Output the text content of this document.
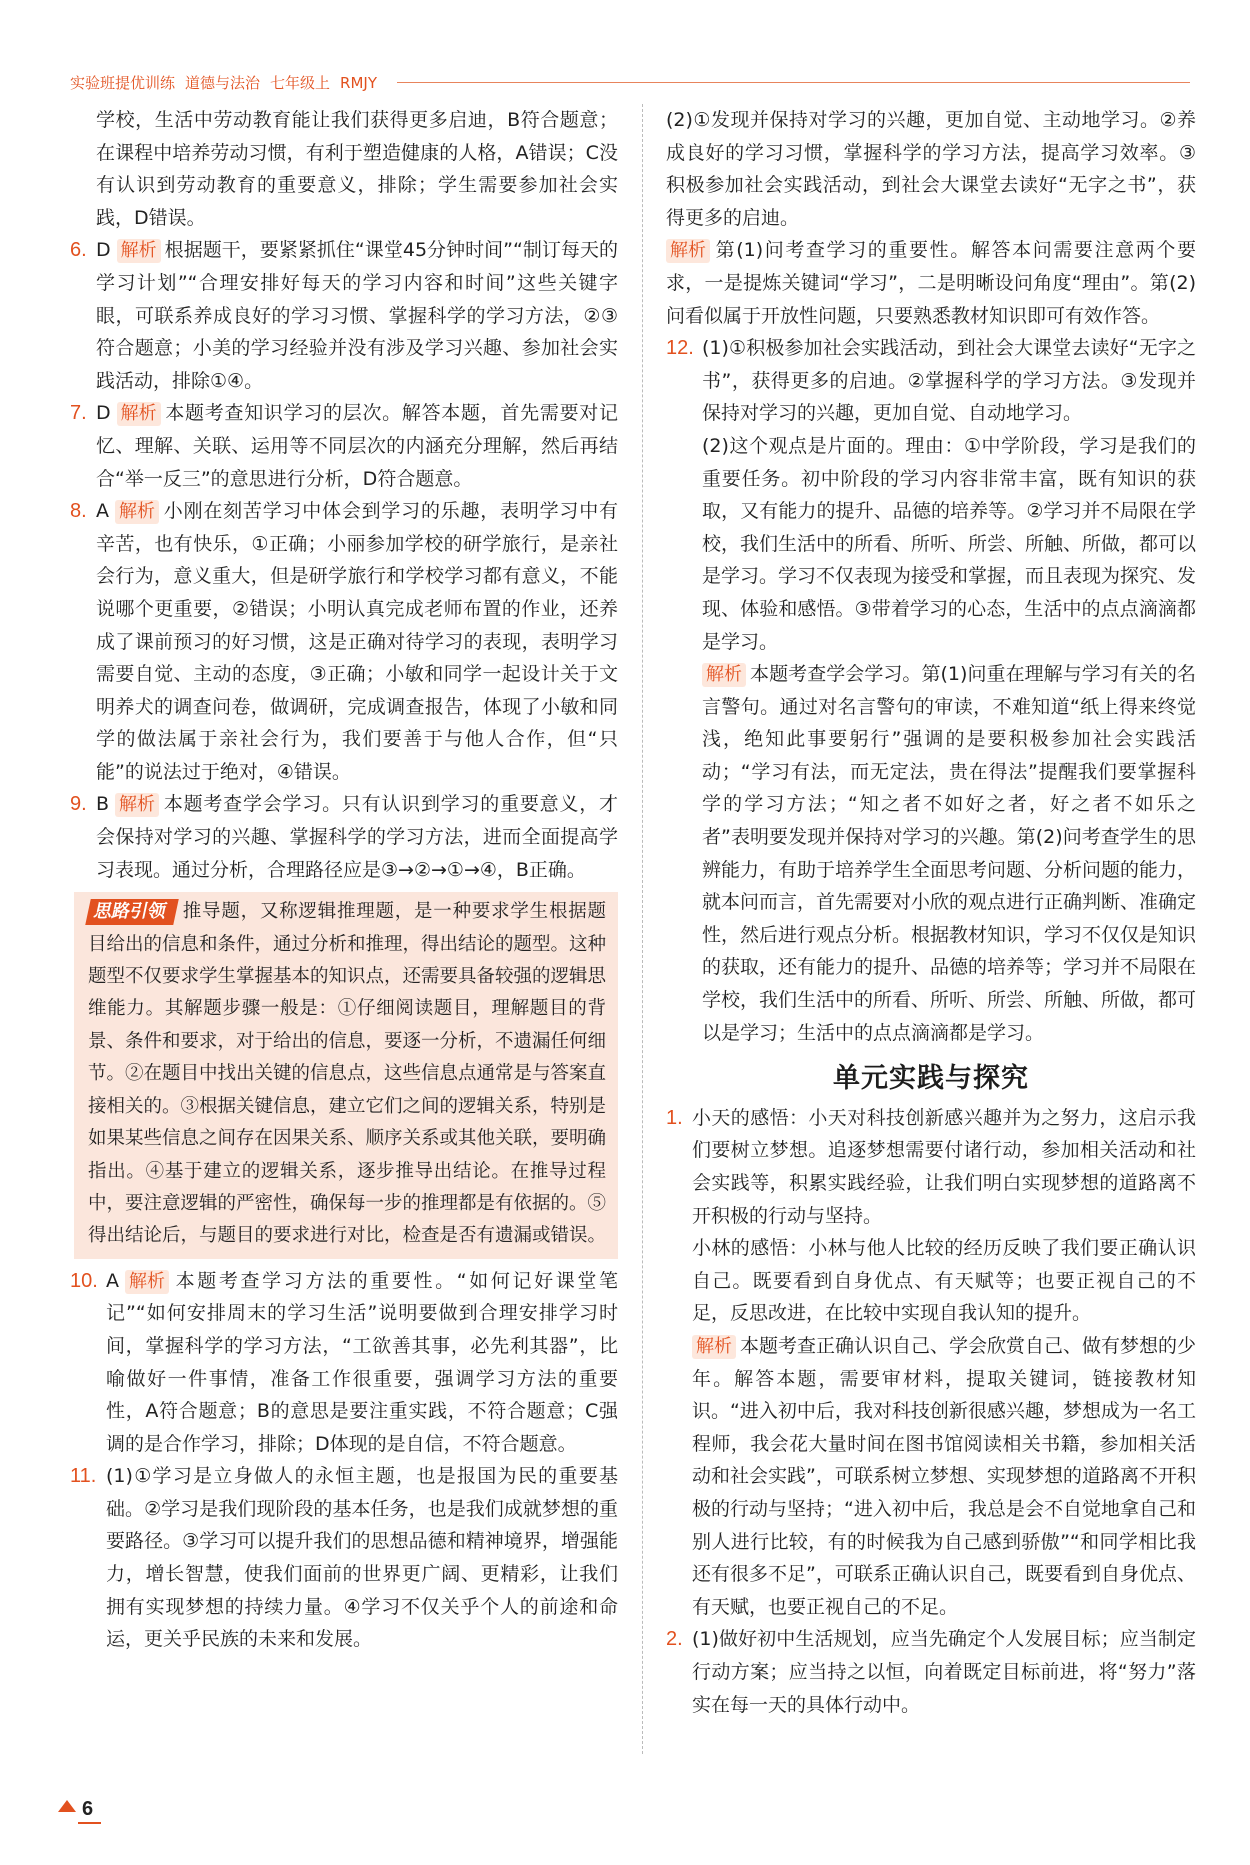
实验班提优训练 道德与法治 七年级上 RMJY

学校，生活中劳动教育能让我们获得更多启迪，B符合题意；在课程中培养劳动习惯，有利于塑造健康的人格，A错误；C没有认识到劳动教育的重要意义，排除；学生需要参加社会实践，D错误。

6. D 解析 根据题干，要紧紧抓住“课堂45分钟时间”“制订每天的学习计划”“合理安排好每天的学习内容和时间”这些关键字眼，可联系养成良好的学习习惯、掌握科学的学习方法，②③符合题意；小美的学习经验并没有涉及学习兴趣、参加社会实践活动，排除①④。
7. D 解析 本题考查知识学习的层次。解答本题，首先需要对记忆、理解、关联、运用等不同层次的内涵充分理解，然后再结合“举一反三”的意思进行分析，D符合题意。
8. A 解析 小刚在刻苦学习中体会到学习的乐趣，表明学习中有辛苦，也有快乐，①正确；小丽参加学校的研学旅行，是亲社会行为，意义重大，但是研学旅行和学校学习都有意义，不能说哪个更重要，②错误；小明认真完成老师布置的作业，还养成了课前预习的好习惯，这是正确对待学习的表现，表明学习需要自觉、主动的态度，③正确；小敏和同学一起设计关于文明养犬的调查问卷，做调研，完成调查报告，体现了小敏和同学的做法属于亲社会行为，我们要善于与他人合作，但“只能”的说法过于绝对，④错误。
9. B 解析 本题考查学会学习。只有认识到学习的重要意义，才会保持对学习的兴趣、掌握科学的学习方法，进而全面提高学习表现。通过分析，合理路径应是③→②→①→④，B正确。
思路引领 推导题，又称逻辑推理题，是一种要求学生根据题目给出的信息和条件，通过分析和推理，得出结论的题型。这种题型不仅要求学生掌握基本的知识点，还需要具备较强的逻辑思维能力。其解题步骤一般是：①仔细阅读题目，理解题目的背景、条件和要求，对于给出的信息，要逐一分析，不遗漏任何细节。②在题目中找出关键的信息点，这些信息点通常是与答案直接相关的。③根据关键信息，建立它们之间的逻辑关系，特别是如果某些信息之间存在因果关系、顺序关系或其他关联，要明确指出。④基于建立的逻辑关系，逐步推导出结论。在推导过程中，要注意逻辑的严密性，确保每一步的推理都是有依据的。⑤得出结论后，与题目的要求进行对比，检查是否有遗漏或错误。
10. A 解析 本题考查学习方法的重要性。“如何记好课堂笔记”“如何安排周末的学习生活”说明要做到合理安排学习时间，掌握科学的学习方法，“工欲善其事，必先利其器”，比喻做好一件事情，准备工作很重要，强调学习方法的重要性，A符合题意；B的意思是要注重实践，不符合题意；C强调的是合作学习，排除；D体现的是自信，不符合题意。
11. (1)①学习是立身做人的永恒主题，也是报国为民的重要基础。②学习是我们现阶段的基本任务，也是我们成就梦想的重要路径。③学习可以提升我们的思想品德和精神境界，增强能力，增长智慧，使我们面前的世界更广阔、更精彩，让我们拥有实现梦想的持续力量。④学习不仅关乎个人的前途和命运，更关乎民族的未来和发展。

(2)①发现并保持对学习的兴趣，更加自觉、主动地学习。②养成良好的学习习惯，掌握科学的学习方法，提高学习效率。③积极参加社会实践活动，到社会大课堂去读好“无字之书”，获得更多的启迪。

解析 第(1)问考查学习的重要性。解答本问需要注意两个要求，一是提炼关键词“学习”，二是明晰设问角度“理由”。第(2)问看似属于开放性问题，只要熟悉教材知识即可有效作答。

12. (1)①积极参加社会实践活动，到社会大课堂去读好“无字之书”，获得更多的启迪。②掌握科学的学习方法。③发现并保持对学习的兴趣，更加自觉、自动地学习。

(2)这个观点是片面的。理由：①中学阶段，学习是我们的重要任务。初中阶段的学习内容非常丰富，既有知识的获取，又有能力的提升、品德的培养等。②学习并不局限在学校，我们生活中的所看、所听、所尝、所触、所做，都可以是学习。学习不仅表现为接受和掌握，而且表现为探究、发现、体验和感悟。③带着学习的心态，生活中的点点滴滴都是学习。

解析 本题考查学会学习。第(1)问重在理解与学习有关的名言警句。通过对名言警句的审读，不难知道“纸上得来终觉浅，绝知此事要躬行”强调的是要积极参加社会实践活动；“学习有法，而无定法，贵在得法”提醒我们要掌握科学的学习方法；“知之者不如好之者，好之者不如乐之者”表明要发现并保持对学习的兴趣。第(2)问考查学生的思辨能力，有助于培养学生全面思考问题、分析问题的能力，就本问而言，首先需要对小欣的观点进行正确判断、准确定性，然后进行观点分析。根据教材知识，学习不仅仅是知识的获取，还有能力的提升、品德的培养等；学习并不局限在学校，我们生活中的所看、所听、所尝、所触、所做，都可以是学习；生活中的点点滴滴都是学习。

单元实践与探究
1. 小天的感悟：小天对科技创新感兴趣并为之努力，这启示我们要树立梦想。追逐梦想需要付诸行动，参加相关活动和社会实践等，积累实践经验，让我们明白实现梦想的道路离不开积极的行动与坚持。

小林的感悟：小林与他人比较的经历反映了我们要正确认识自己。既要看到自身优点、有天赋等；也要正视自己的不足，反思改进，在比较中实现自我认知的提升。

解析 本题考查正确认识自己、学会欣赏自己、做有梦想的少年。解答本题，需要审材料，提取关键词，链接教材知识。“进入初中后，我对科技创新很感兴趣，梦想成为一名工程师，我会花大量时间在图书馆阅读相关书籍，参加相关活动和社会实践”，可联系树立梦想、实现梦想的道路离不开积极的行动与坚持；“进入初中后，我总是会不自觉地拿自己和别人进行比较，有的时候我为自己感到骄傲”“和同学相比我还有很多不足”，可联系正确认识自己，既要看到自身优点、有天赋，也要正视自己的不足。

2. (1)做好初中生活规划，应当先确定个人发展目标；应当制定行动方案；应当持之以恒，向着既定目标前进，将“努力”落实在每一天的具体行动中。

6
